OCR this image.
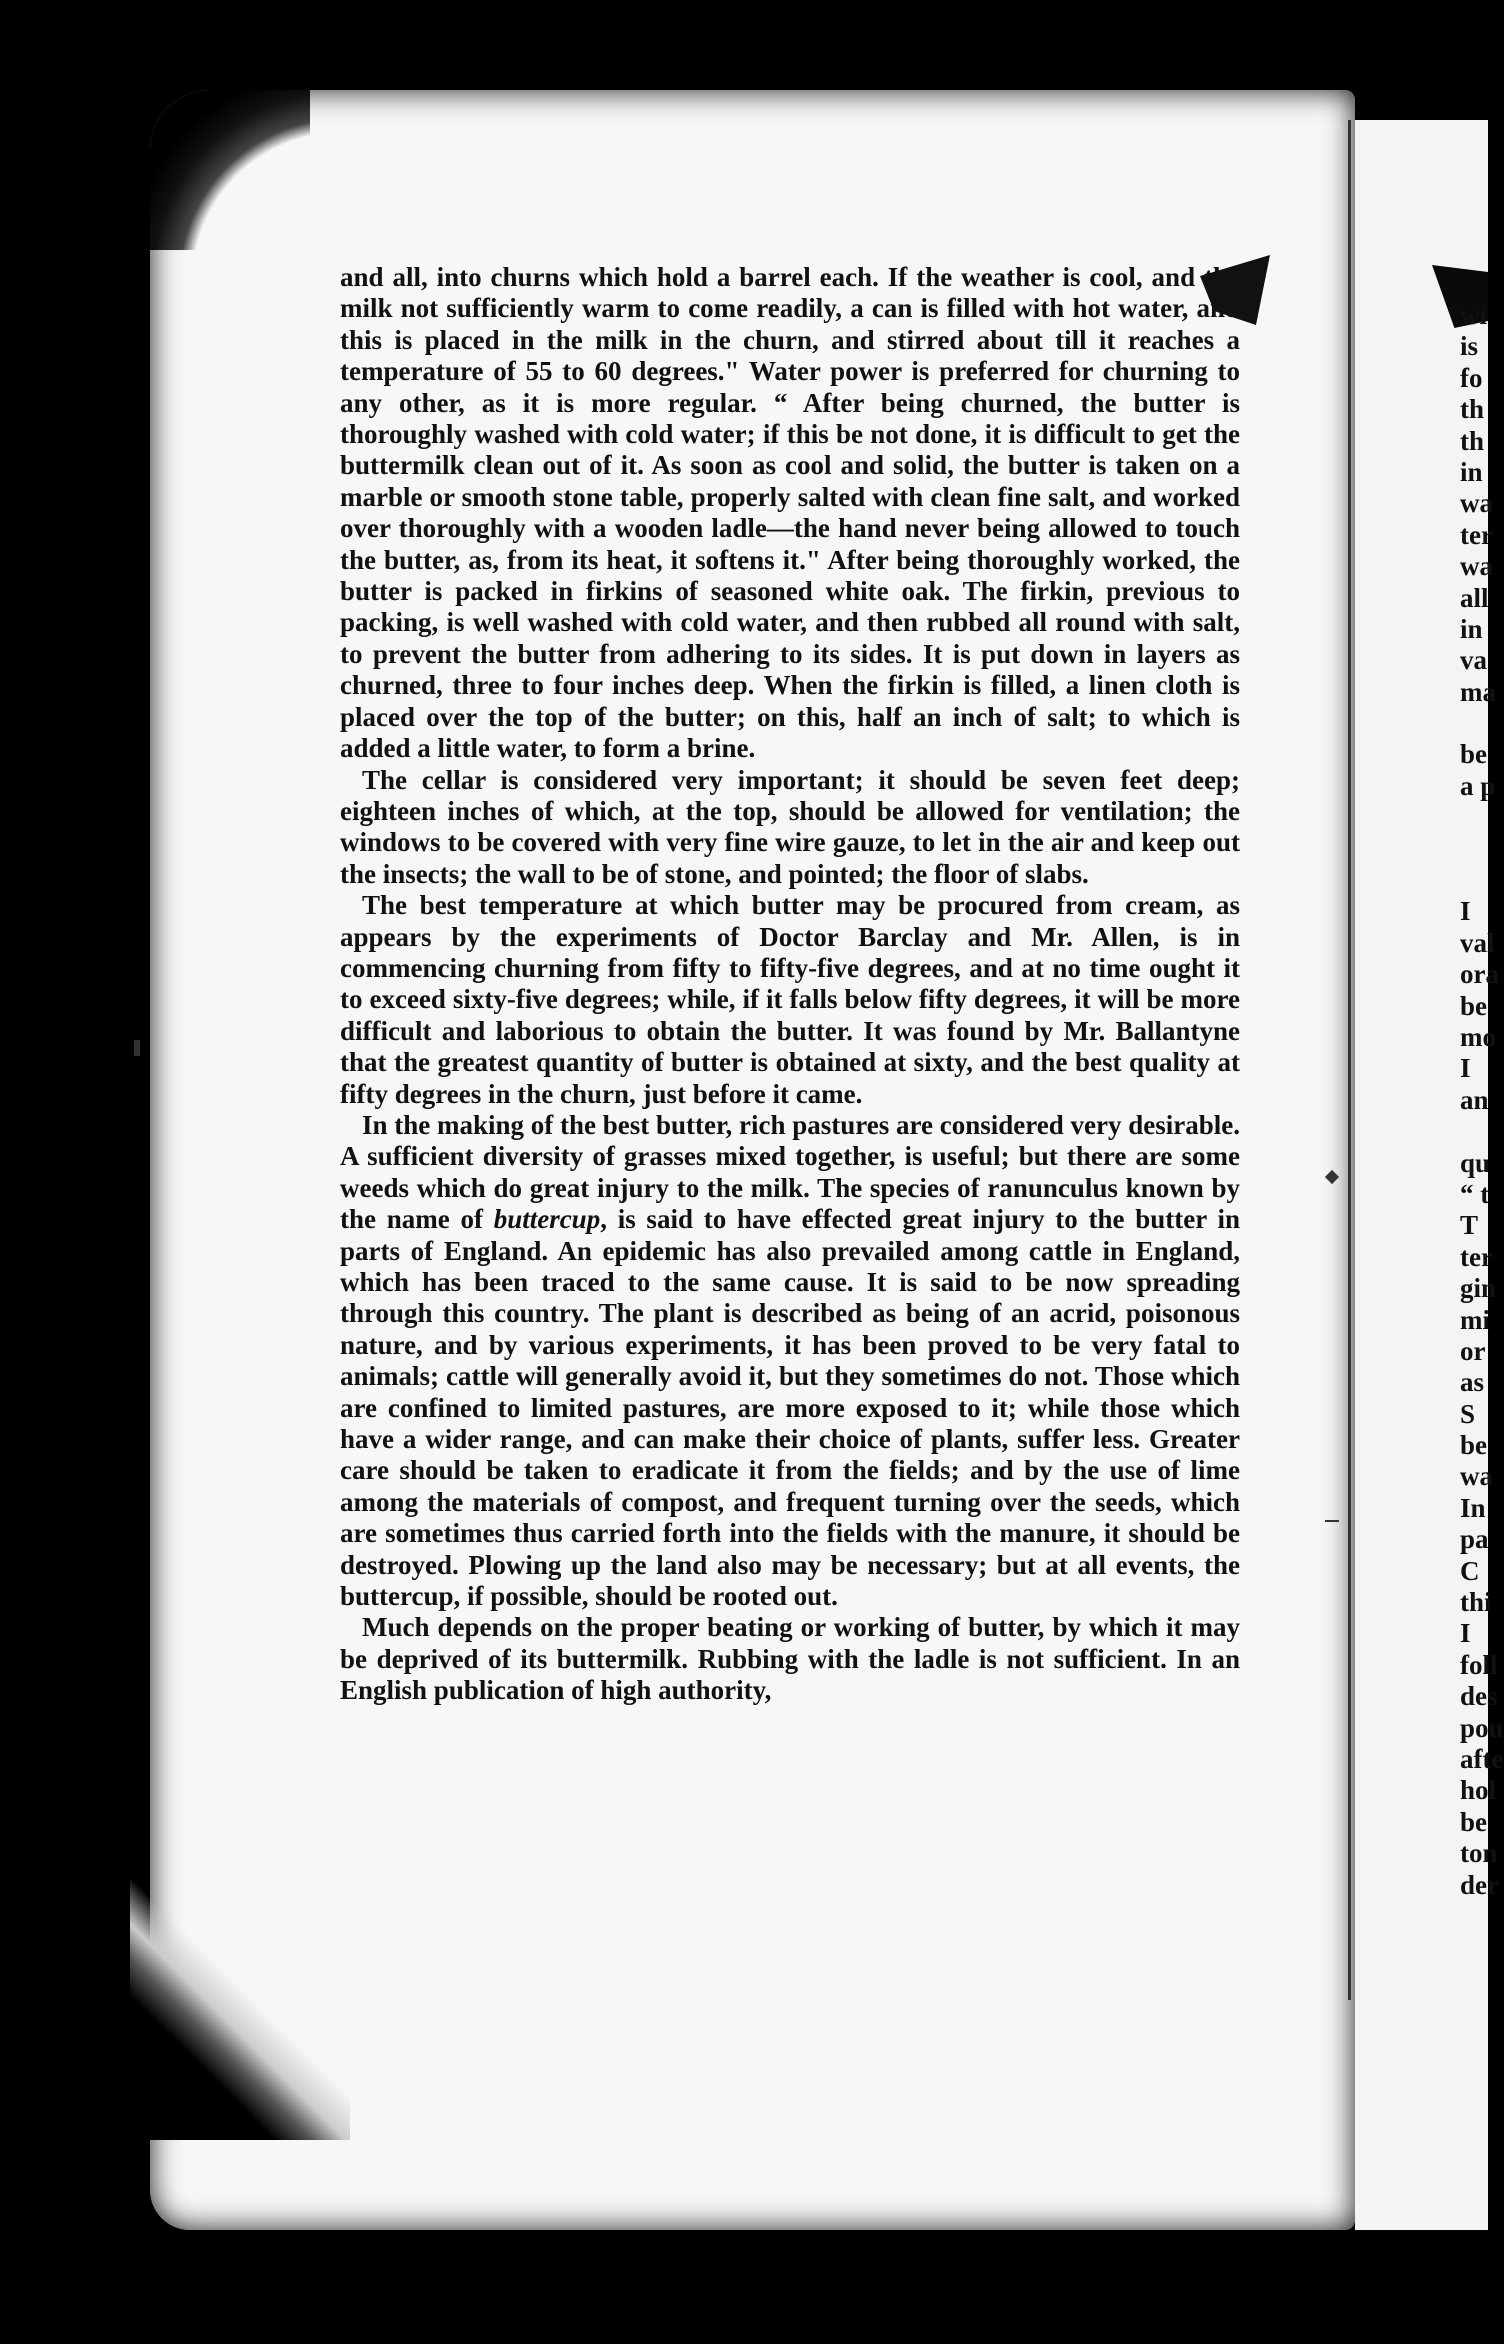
and all, into churns which hold a barrel each. If the weather is cool, and the milk not sufficiently warm to come readily, a can is filled with hot water, and this is placed in the milk in the churn, and stirred about till it reaches a temperature of 55 to 60 degrees." Water power is preferred for churning to any other, as it is more regular. “ After being churned, the butter is thoroughly washed with cold water; if this be not done, it is difficult to get the buttermilk clean out of it. As soon as cool and solid, the butter is taken on a marble or smooth stone table, properly salted with clean fine salt, and worked over thoroughly with a wooden ladle—the hand never being allowed to touch the butter, as, from its heat, it softens it." After being thoroughly worked, the butter is packed in firkins of seasoned white oak. The firkin, previous to packing, is well washed with cold water, and then rubbed all round with salt, to prevent the butter from adhering to its sides. It is put down in layers as churned, three to four inches deep. When the firkin is filled, a linen cloth is placed over the top of the butter; on this, half an inch of salt; to which is added a little water, to form a brine.

The cellar is considered very important; it should be seven feet deep; eighteen inches of which, at the top, should be allowed for ventilation; the windows to be covered with very fine wire gauze, to let in the air and keep out the insects; the wall to be of stone, and pointed; the floor of slabs.

The best temperature at which butter may be procured from cream, as appears by the experiments of Doctor Barclay and Mr. Allen, is in commencing churning from fifty to fifty-five degrees, and at no time ought it to exceed sixty-five degrees; while, if it falls below fifty degrees, it will be more difficult and laborious to obtain the butter. It was found by Mr. Ballantyne that the greatest quantity of butter is obtained at sixty, and the best quality at fifty degrees in the churn, just before it came.

In the making of the best butter, rich pastures are considered very desirable. A sufficient diversity of grasses mixed together, is useful; but there are some weeds which do great injury to the milk. The species of ranunculus known by the name of buttercup, is said to have effected great injury to the butter in parts of England. An epidemic has also prevailed among cattle in England, which has been traced to the same cause. It is said to be now spreading through this country. The plant is described as being of an acrid, poisonous nature, and by various experiments, it has been proved to be very fatal to animals; cattle will generally avoid it, but they sometimes do not. Those which are confined to limited pastures, are more exposed to it; while those which have a wider range, and can make their choice of plants, suffer less. Greater care should be taken to eradicate it from the fields; and by the use of lime among the materials of compost, and frequent turning over the seeds, which are sometimes thus carried forth into the fields with the manure, it should be destroyed. Plowing up the land also may be necessary; but at all events, the buttercup, if possible, should be rooted out.

Much depends on the proper beating or working of butter, by which it may be deprived of its buttermilk. Rubbing with the ladle is not sufficient. In an English publication of high authority,

wi
is
fo
th
th
in
wa
ter
wa
all
in
va
ma
be
a p
I
val
ora
be
mo
I
an
qu
“ t
T
ter
gin
mi
or
as
S
be
wa
In
pa
C
thi
I
foll
des
pou
afte
hol
be
ton
der
